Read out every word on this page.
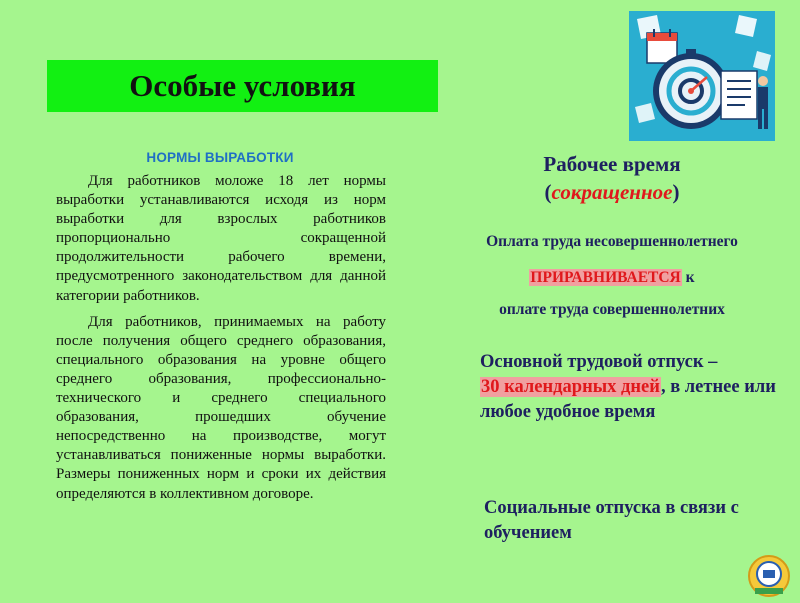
Особые условия
НОРМЫ ВЫРАБОТКИ

Для работников моложе 18 лет нормы выработки устанавливаются исходя из норм выработки для взрослых работников пропорционально сокращенной продолжительности рабочего времени, предусмотренного законодательством для данной категории работников.

Для работников, принимаемых на работу после получения общего среднего образования, специального образования на уровне общего среднего образования, профессионально-технического и среднего специального образования, прошедших обучение непосредственно на производстве, могут устанавливаться пониженные нормы выработки. Размеры пониженных норм и сроки их действия определяются в коллективном договоре.

Рабочее время
(сокращенное)
Оплата труда несовершеннолетнего
ПРИРАВНИВАЕТСЯ к
оплате труда совершеннолетних
Основной трудовой отпуск –
30 календарных дней, в летнее или любое удобное время
Социальные отпуска в связи с обучением
